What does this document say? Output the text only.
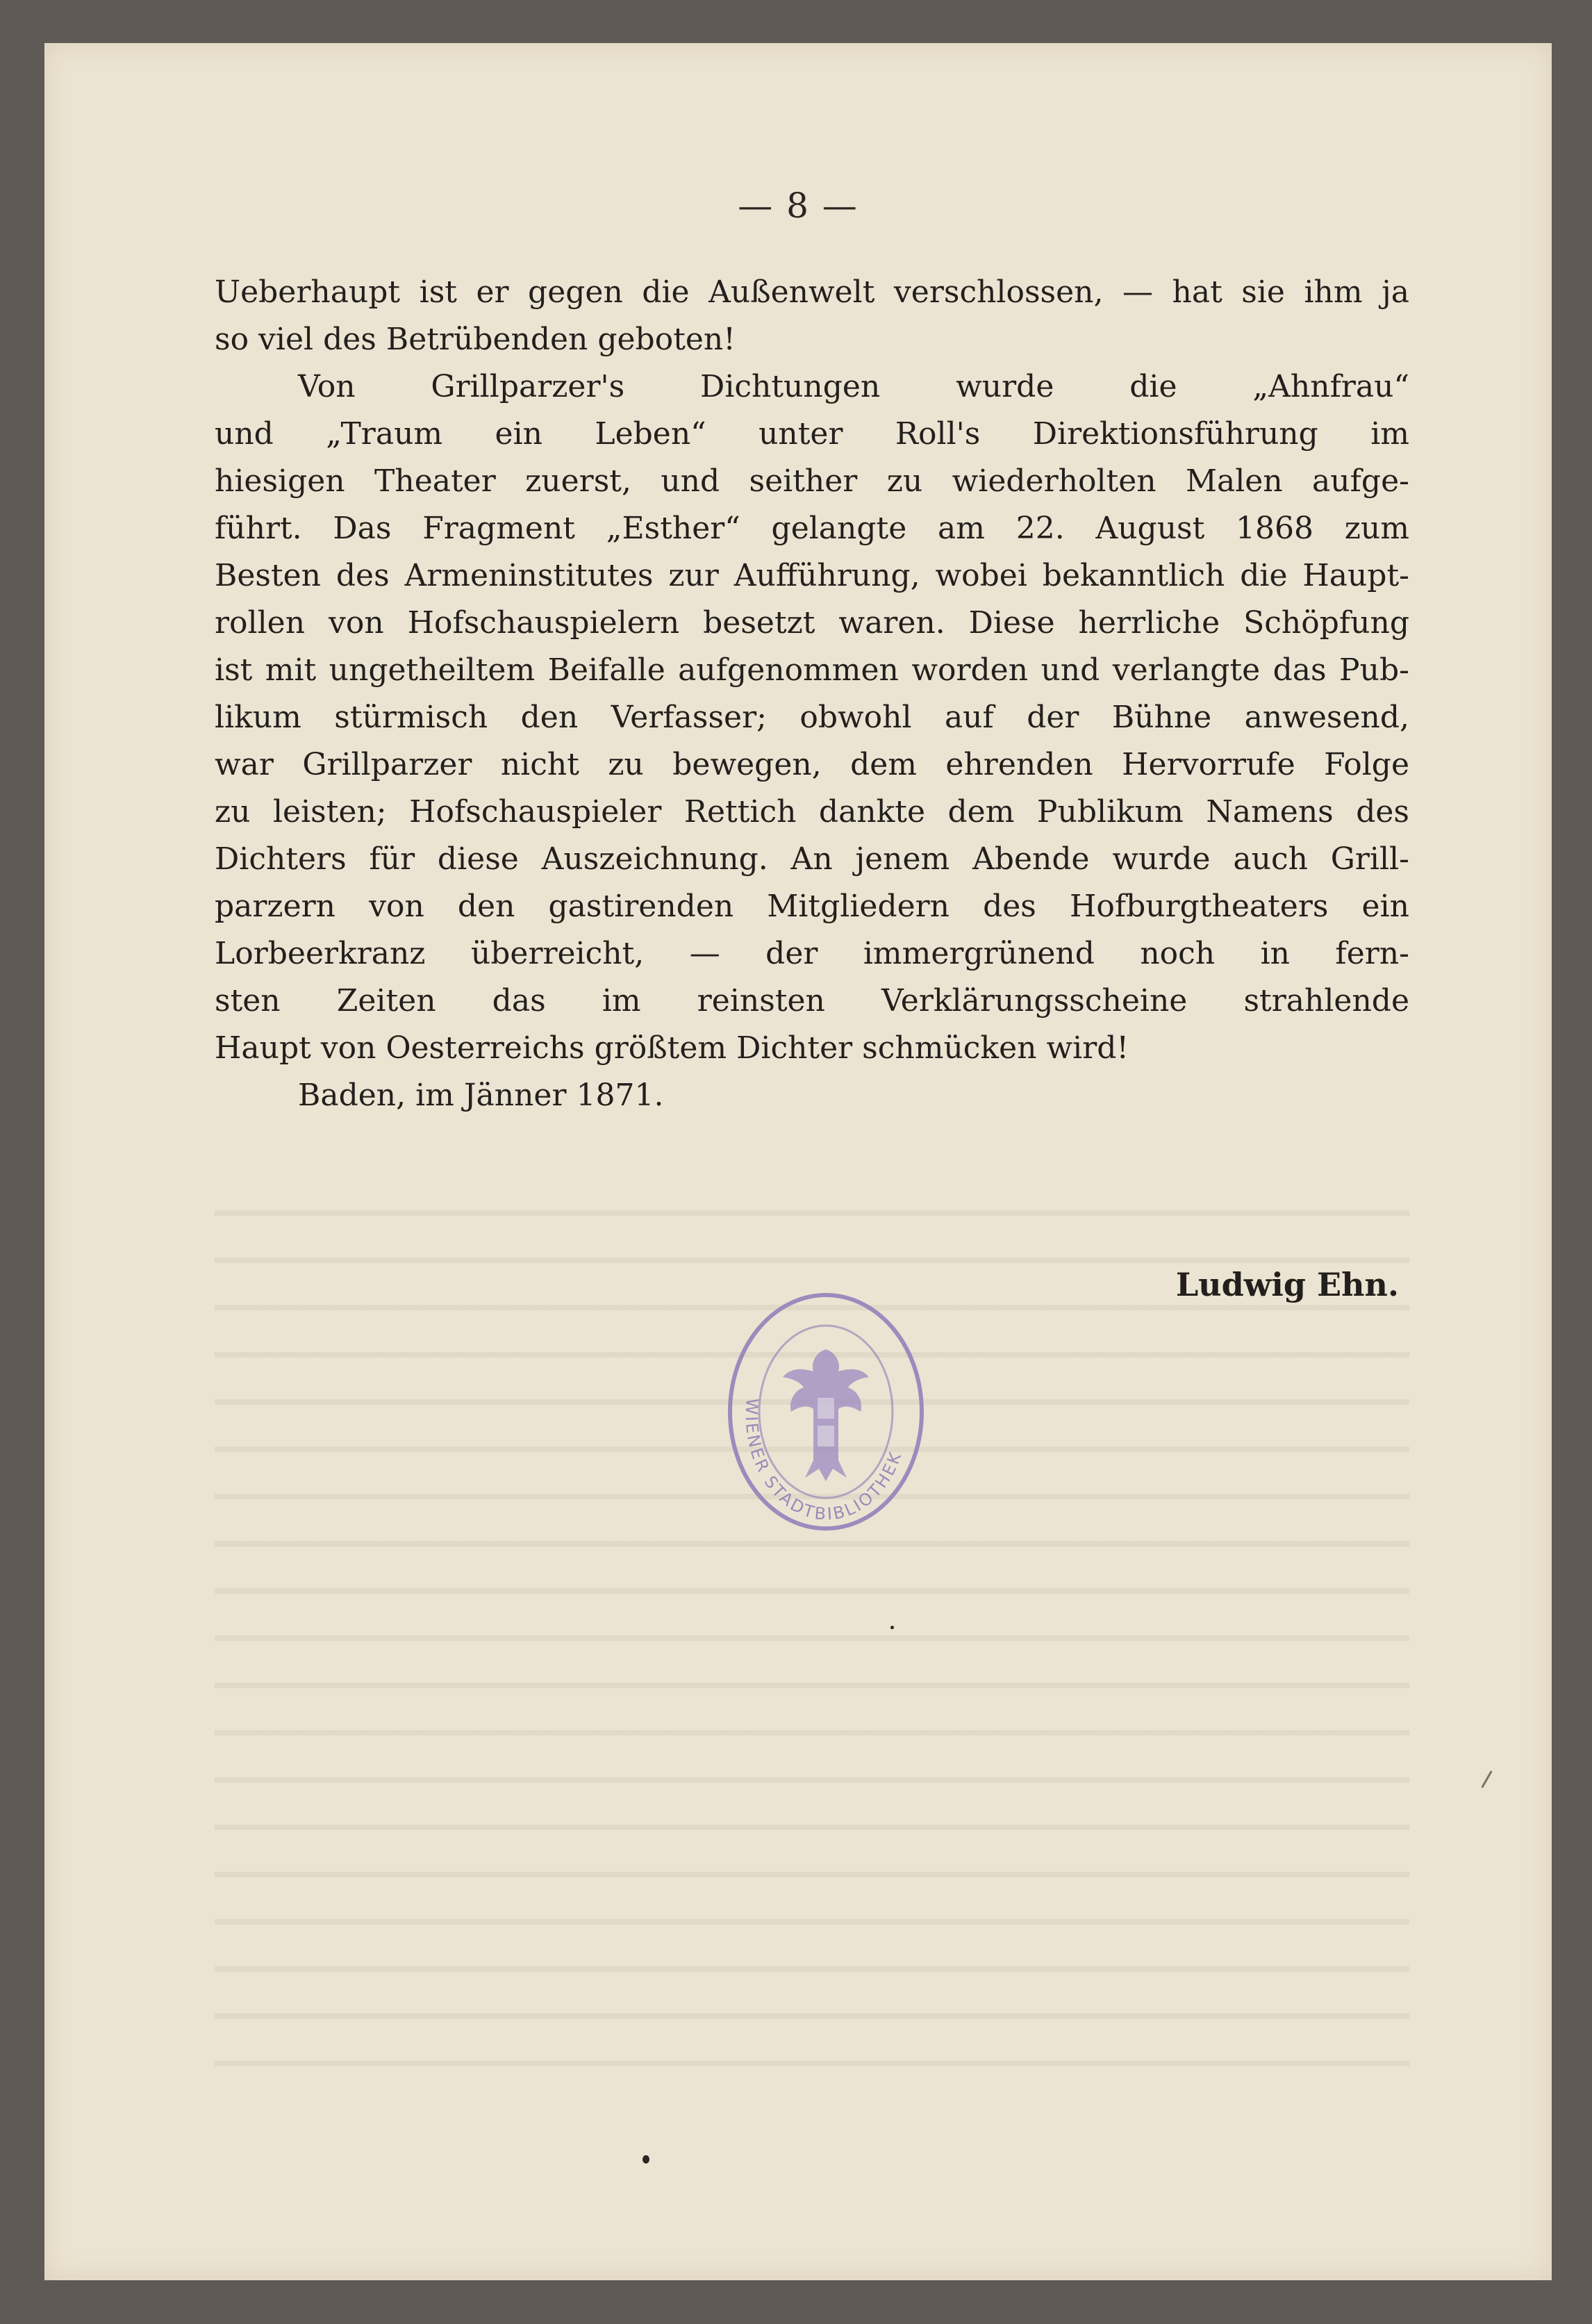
— 8 —
Ueberhaupt ist er gegen die Außenwelt verschlossen, — hat sie ihm ja
so viel des Betrübenden geboten!
Von Grillparzer's Dichtungen wurde die „Ahnfrau“
und „Traum ein Leben“ unter Roll's Direktionsführung im
hiesigen Theater zuerst, und seither zu wiederholten Malen aufge-
führt. Das Fragment „Esther“ gelangte am 22. August 1868 zum
Besten des Armeninstitutes zur Aufführung, wobei bekanntlich die Haupt-
rollen von Hofschauspielern besetzt waren. Diese herrliche Schöpfung
ist mit ungetheiltem Beifalle aufgenommen worden und verlangte das Pub-
likum stürmisch den Verfasser; obwohl auf der Bühne anwesend,
war Grillparzer nicht zu bewegen, dem ehrenden Hervorrufe Folge
zu leisten; Hofschauspieler Rettich dankte dem Publikum Namens des
Dichters für diese Auszeichnung. An jenem Abende wurde auch Grill-
parzern von den gastirenden Mitgliedern des Hofburgtheaters ein
Lorbeerkranz überreicht, — der immergrünend noch in fern-
sten Zeiten das im reinsten Verklärungsscheine strahlende
Haupt von Oesterreichs größtem Dichter schmücken wird!
Baden, im Jänner 1871.
Ludwig Ehn.
WIENER STADTBIBLIOTHEK
